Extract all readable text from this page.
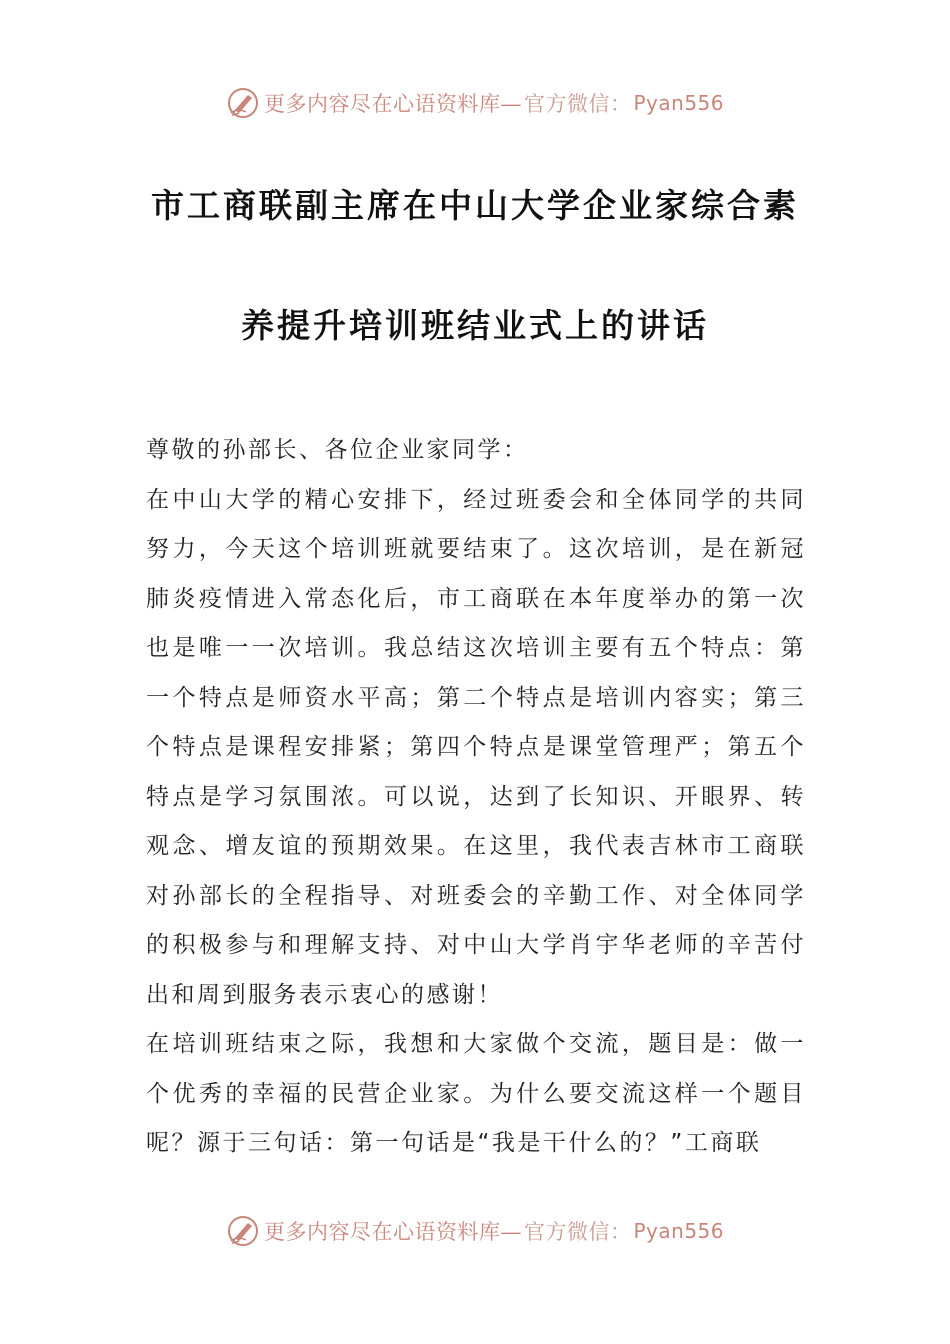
更多内容尽在心语资料库— 官方微信： Pyan556
市工商联副主席在中山大学企业家综合素
养提升培训班结业式上的讲话

尊敬的孙部长、各位企业家同学：

在中山大学的精心安排下，经过班委会和全体同学的共同努力，今天这个培训班就要结束了。这次培训，是在新冠肺炎疫情进入常态化后，市工商联在本年度举办的第一次也是唯一一次培训。我总结这次培训主要有五个特点：第一个特点是师资水平高；第二个特点是培训内容实；第三个特点是课程安排紧；第四个特点是课堂管理严；第五个特点是学习氛围浓。可以说，达到了长知识、开眼界、转观念、增友谊的预期效果。在这里，我代表吉林市工商联对孙部长的全程指导、对班委会的辛勤工作、对全体同学的积极参与和理解支持、对中山大学肖宇华老师的辛苦付出和周到服务表示衷心的感谢！

在培训班结束之际，我想和大家做个交流，题目是：做一个优秀的幸福的民营企业家。为什么要交流这样一个题目呢？源于三句话：第一句话是“我是干什么的？”工商联

更多内容尽在心语资料库— 官方微信： Pyan556
